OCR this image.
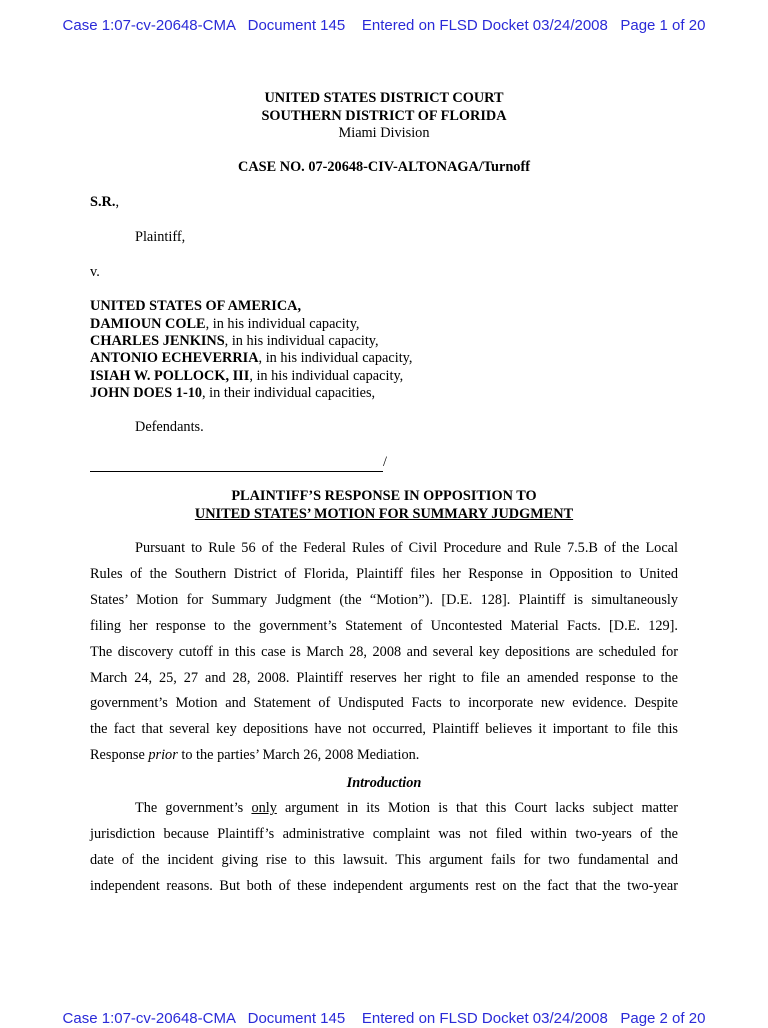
Case 1:07-cv-20648-CMA   Document 145    Entered on FLSD Docket 03/24/2008   Page 1 of 20
UNITED STATES DISTRICT COURT
SOUTHERN DISTRICT OF FLORIDA
Miami Division
CASE NO. 07-20648-CIV-ALTONAGA/Turnoff
S.R.,
Plaintiff,
v.
UNITED STATES OF AMERICA,
DAMIOUN COLE, in his individual capacity,
CHARLES JENKINS, in his individual capacity,
ANTONIO ECHEVERRIA, in his individual capacity,
ISIAH W. POLLOCK, III, in his individual capacity,
JOHN DOES 1-10, in their individual capacities,
Defendants.
/
PLAINTIFF’S RESPONSE IN OPPOSITION TO
UNITED STATES’ MOTION FOR SUMMARY JUDGMENT
Pursuant to Rule 56 of the Federal Rules of Civil Procedure and Rule 7.5.B of the Local
Rules of the Southern District of Florida, Plaintiff files her Response in Opposition to United
States’ Motion for Summary Judgment (the “Motion”). [D.E. 128]. Plaintiff is simultaneously
filing her response to the government’s Statement of Uncontested Material Facts. [D.E. 129].
The discovery cutoff in this case is March 28, 2008 and several key depositions are scheduled for
March 24, 25, 27 and 28, 2008. Plaintiff reserves her right to file an amended response to the
government’s Motion and Statement of Undisputed Facts to incorporate new evidence. Despite
the fact that several key depositions have not occurred, Plaintiff believes it important to file this
Response prior to the parties’ March 26, 2008 Mediation.
Introduction
The government’s only argument in its Motion is that this Court lacks subject matter
jurisdiction because Plaintiff’s administrative complaint was not filed within two-years of the
date of the incident giving rise to this lawsuit. This argument fails for two fundamental and
independent reasons. But both of these independent arguments rest on the fact that the two-year
Case 1:07-cv-20648-CMA   Document 145    Entered on FLSD Docket 03/24/2008   Page 2 of 20
